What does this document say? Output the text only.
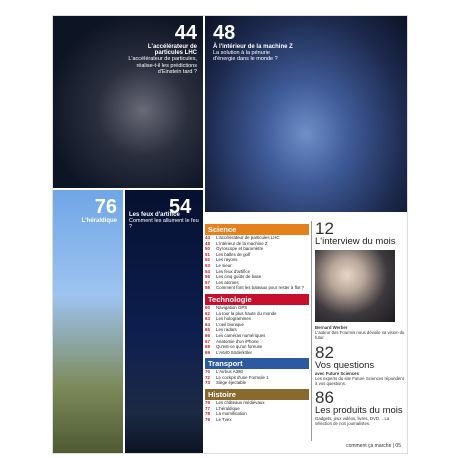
44
L'accélérateur de particules LHC
L'accélérateur de particules, réalise-t-il les prédictions d'Einstein tard ?
48
À l'intérieur de la machine Z
La solution à la pénurie d'énergie dans le monde ?
76
L'héraldique
54
Les feux d'artifice
Comment les allument le feu ?	Science
44	L'accélérateur de particules LHC
48	L'intérieur de la machine Z
50	Gyroscope et baromètre
51	Les balles de golf
52	Les rayons
53	Le sieur
54	Les feux d'artifice
56	Les cinq goûts de base
57	Les atomes
58	Comment font les bateaux pour rester à flot ?
Technologie
60	Navigation GPS
62	La tour la plus haute du monde
63	Les hologrammes
64	L'oeil bionique
65	Les radars
66	Les caméras numériques
67	Anatomie d'un iPhone
68	Qu'est-ce qu'un foreuse
69	L'A640 Söderköler
Transport
70	L'Airbus A380
72	Le cockpit d'une Formule 1
73	Siège éjectable
Histoire
76	Les châteaux médiévaux
77	L'héraldique
78	La momification
79	Le Tvex
12
L'interview du mois
Bernard Werber
L'auteur des Fourmis nous dévoile sa vision du futur.
82
Vos questions
avec Future Sciences
Les experts du site Future Sciences répondent à vos questions.
86
Les produits du mois
Gadgets, jeux vidéos, livres, DVD… La sélection de nos journalistes.
comment ça marche | 05
